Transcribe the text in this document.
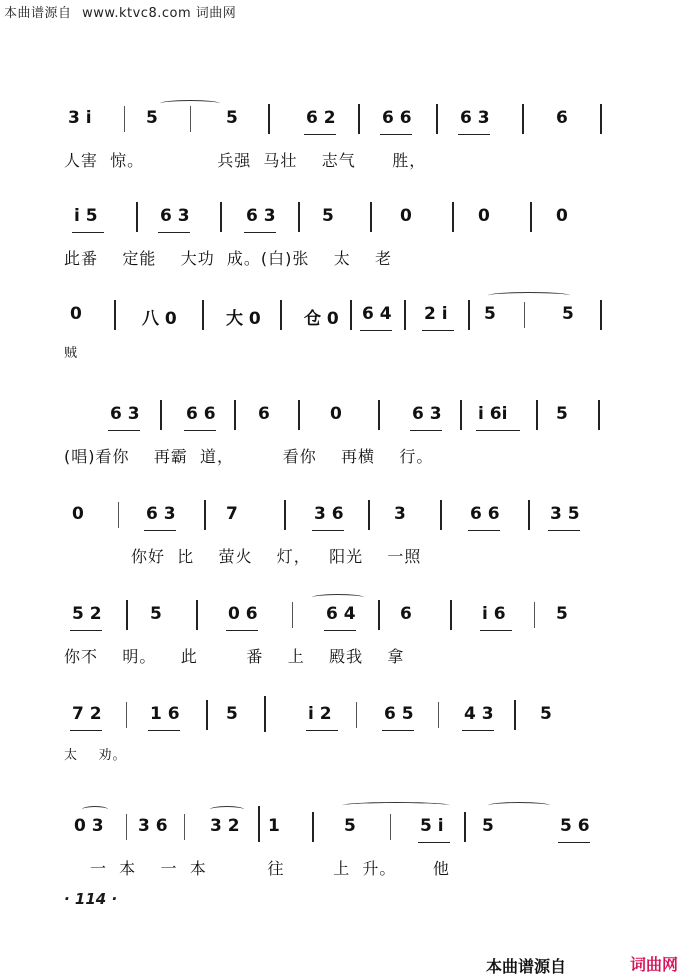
本曲谱源自 www.ktvc8.com 词曲网
3 i	5	5	6 2	6 6	6 3	6
人害  惊。            兵强  马壮    志气      胜，
i 5	6 3	6 3	5	0	0	0
此番    定能    大功  成。(白)张    太    老
0	八 0	大 0	仓 0 6 4 2 i 5	5
贼
6 3	6 6 6	0	6 3 i 6i	5
(唱)看你    再霸  道，        看你    再横    行。
0	6 3	7	3 6	3	6 6	3 5
你好  比    萤火    灯，   阳光    一照
5 2	5	0 6	6 4	6	i 6	5
你不    明。    此        番    上    殿我    拿
7 2	1 6	5	i 2	6 5	4 3	5
太    劝。
0 3 3 6 3 2 1	5	5 i 5	5 6
一  本    一  本          往        上  升。      他
· 114 ·
本曲谱源自	词曲网
